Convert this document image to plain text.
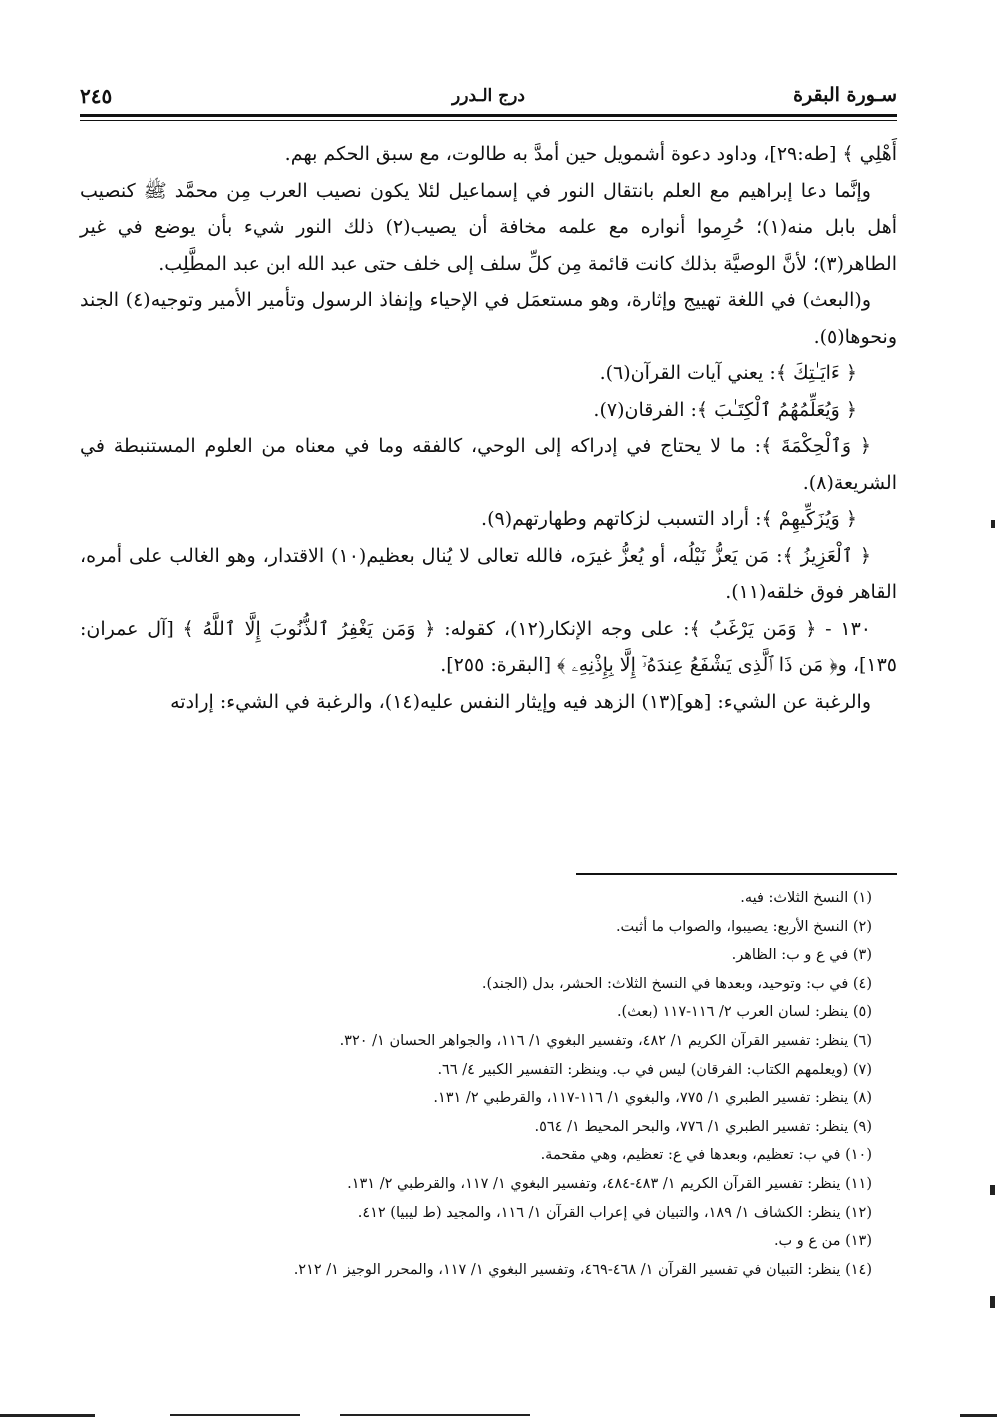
سـورة البقرة
درج الـدرر
٢٤٥

أَهْلِي ﴾ [طه:٢٩]، وداود دعوة أشمويل حين أمدَّ به طالوت، مع سبق الحكم بهم.

وإنَّما دعا إبراهيم مع العلم بانتقال النور في إسماعيل لئلا يكون نصيب العرب مِن محمَّد ﷺ كنصيب أهل بابل منه(١)؛ حُرِموا أنواره مع علمه مخافة أن يصيب(٢) ذلك النور شيء بأن يوضع في غير الطاهر(٣)؛ لأنَّ الوصيَّة بذلك كانت قائمة مِن كلِّ سلف إلى خلف حتى عبد الله ابن عبد المطَّلِب.

و(البعث) في اللغة تهييج وإثارة، وهو مستعمَل في الإحياء وإنفاذ الرسول وتأمير الأمير وتوجيه(٤) الجند ونحوها(٥).

﴿ ءَايَـٰتِكَ ﴾: يعني آيات القرآن(٦).

﴿ وَيُعَلِّمُهُمُ ٱلْكِتَـٰبَ ﴾: الفرقان(٧).

﴿ وَٱلْحِكْمَةَ ﴾: ما لا يحتاج في إدراكه إلى الوحي، كالفقه وما في معناه من العلوم المستنبطة في الشريعة(٨).

﴿ وَيُزَكِّيهِمْ ﴾: أراد التسبب لزكاتهم وطهارتهم(٩).

﴿ ٱلْعَزِيزُ ﴾: مَن يَعزُّ نَيْلُه، أو يُعزُّ غيرَه، فالله تعالى لا يُنال بعظيم(١٠) الاقتدار، وهو الغالب على أمره، القاهر فوق خلقه(١١).

١٣٠ - ﴿ وَمَن يَرْغَبُ ﴾: على وجه الإنكار(١٢)، كقوله: ﴿ وَمَن يَغْفِرُ ٱلذُّنُوبَ إِلَّا ٱللَّهُ ﴾ [آل عمران: ١٣٥]، و﴿ مَن ذَا ٱلَّذِى يَشْفَعُ عِندَهُۥٓ إِلَّا بِإِذْنِهِۦ ﴾ [البقرة: ٢٥٥].

والرغبة عن الشيء: [هو](١٣) الزهد فيه وإيثار النفس عليه(١٤)، والرغبة في الشيء: إرادته

(١) النسخ الثلاث: فيه.
(٢) النسخ الأربع: يصيبوا، والصواب ما أثبت.
(٣) في ع و ب: الظاهر.
(٤) في ب: وتوحيد، وبعدها في النسخ الثلاث: الحشر، بدل (الجند).
(٥) ينظر: لسان العرب ٢/ ١١٦-١١٧ (بعث).
(٦) ينظر: تفسير القرآن الكريم ١/ ٤٨٢، وتفسير البغوي ١/ ١١٦، والجواهر الحسان ١/ ٣٢٠.
(٧) (ويعلمهم الكتاب: الفرقان) ليس في ب. وينظر: التفسير الكبير ٤/ ٦٦.
(٨) ينظر: تفسير الطبري ١/ ٧٧٥، والبغوي ١/ ١١٦-١١٧، والقرطبي ٢/ ١٣١.
(٩) ينظر: تفسير الطبري ١/ ٧٧٦، والبحر المحيط ١/ ٥٦٤.
(١٠) في ب: تعظيم، وبعدها في ع: تعظيم، وهي مقحمة.
(١١) ينظر: تفسير القرآن الكريم ١/ ٤٨٣-٤٨٤، وتفسير البغوي ١/ ١١٧، والقرطبي ٢/ ١٣١.
(١٢) ينظر: الكشاف ١/ ١٨٩، والتبيان في إعراب القرآن ١/ ١١٦، والمجيد (ط ليبيا) ٤١٢.
(١٣) من ع و ب.
(١٤) ينظر: التبيان في تفسير القرآن ١/ ٤٦٨-٤٦٩، وتفسير البغوي ١/ ١١٧، والمحرر الوجيز ١/ ٢١٢.
